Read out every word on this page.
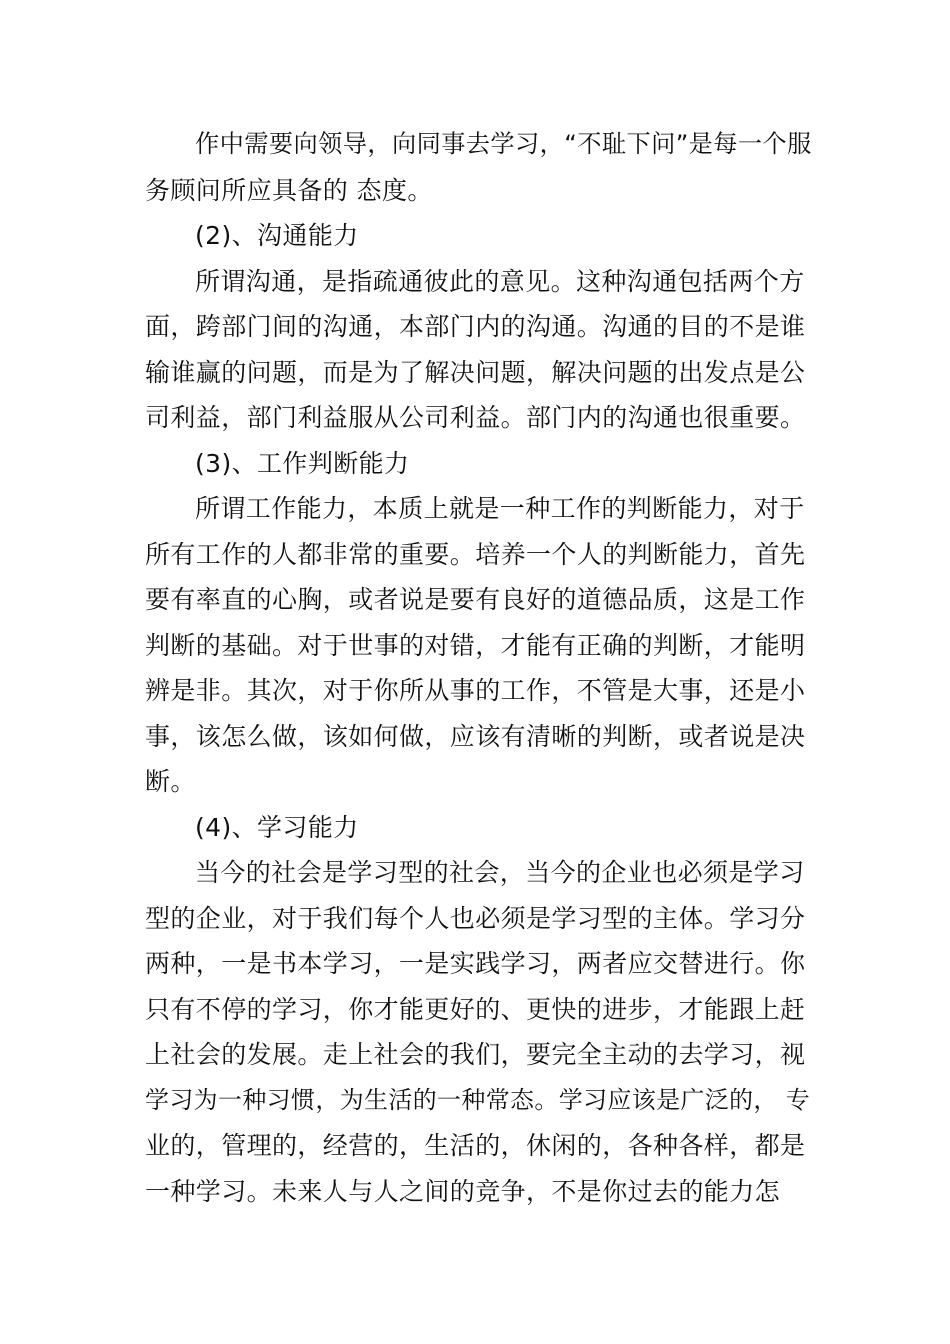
作中需要向领导，向同事去学习，“不耻下问”是每一个服
务顾问所应具备的 态度。
(2)、沟通能力
所谓沟通，是指疏通彼此的意见。这种沟通包括两个方
面，跨部门间的沟通，本部门内的沟通。沟通的目的不是谁
输谁赢的问题，而是为了解决问题，解决问题的出发点是公
司利益，部门利益服从公司利益。部门内的沟通也很重要。
(3)、工作判断能力
所谓工作能力，本质上就是一种工作的判断能力，对于
所有工作的人都非常的重要。培养一个人的判断能力，首先
要有率直的心胸，或者说是要有良好的道德品质，这是工作
判断的基础。对于世事的对错，才能有正确的判断，才能明
辨是非。其次，对于你所从事的工作，不管是大事，还是小
事，该怎么做，该如何做，应该有清晰的判断，或者说是决
断。
(4)、学习能力
当今的社会是学习型的社会，当今的企业也必须是学习
型的企业，对于我们每个人也必须是学习型的主体。学习分
两种，一是书本学习，一是实践学习，两者应交替进行。你
只有不停的学习，你才能更好的、更快的进步，才能跟上赶
上社会的发展。走上社会的我们，要完全主动的去学习，视
学习为一种习惯，为生活的一种常态。学习应该是广泛的， 专
业的，管理的，经营的，生活的，休闲的，各种各样，都是
一种学习。未来人与人之间的竞争，不是你过去的能力怎
